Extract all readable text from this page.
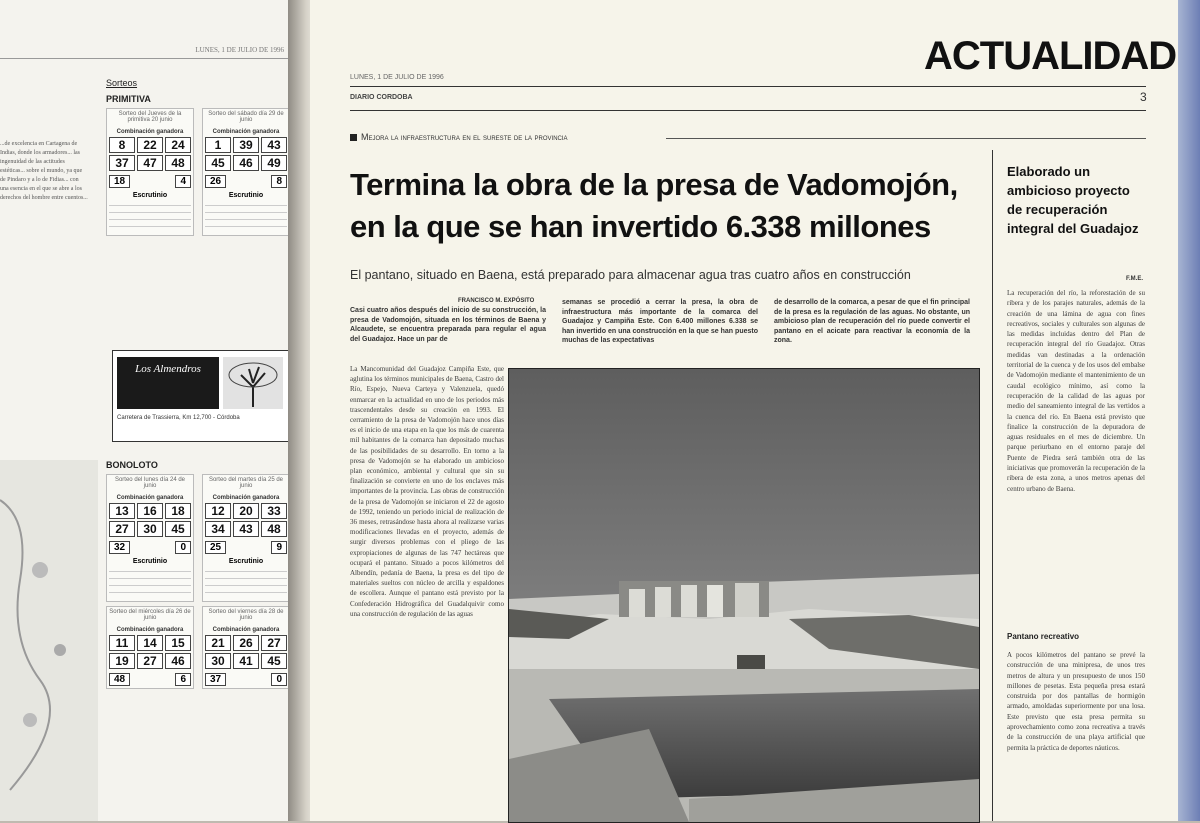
LUNES, 1 DE JULIO DE 1996
...de excelencia en Cartagena de Indias, donde los armadores... las ingenuidad de las actitudes estéticas... sobre el mundo, ya que de Pindaro y a lo de Fidias... con una esencia en el que se abre a los derechos del hombre entre cuentos...
Sorteos
PRIMITIVA
Sorteo del Jueves de la primitiva 20 junio
Combinación ganadora
8	22	24
37	47	48
18	4
Escrutinio
Sorteo del sábado día 29 de junio
Combinación ganadora
1	39	43
45	46	49
26	8
Escrutinio
Los Almendros
Carretera de Trassierra, Km 12,700 - Córdoba
BONOLOTO
Sorteo del lunes día 24 de junio
Combinación ganadora
13	16	18
27	30	45
32	0
Escrutinio
Sorteo del martes día 25 de junio
Combinación ganadora
12	20	33
34	43	48
25	9
Escrutinio
Sorteo del miércoles día 26 de junio
Combinación ganadora
11	14	15
19	27	46
48	6
Sorteo del viernes día 28 de junio
Combinación ganadora
21	26	27
30	41	45
37	0
ACTUALIDAD
LUNES, 1 DE JULIO DE 1996
DIARIO CORDOBA	3
Mejora la infraestructura en el sureste de la provincia
Termina la obra de la presa de Vadomojón,
en la que se han invertido 6.338 millones
El pantano, situado en Baena, está preparado para almacenar agua tras cuatro años en construcción
FRANCISCO M. EXPÓSITO
Casi cuatro años después del inicio de su construcción, la presa de Vadomojón, situada en los términos de Baena y Alcaudete, se encuentra preparada para regular el agua del Guadajoz. Hace un par de
semanas se procedió a cerrar la presa, la obra de infraestructura más importante de la comarca del Guadajoz y Campiña Este. Con 6.400 millones 6.338 se han invertido en una construcción en la que se han puesto muchas de las expectativas
de desarrollo de la comarca, a pesar de que el fin principal de la presa es la regulación de las aguas. No obstante, un ambicioso plan de recuperación del río puede convertir el pantano en el acicate para reactivar la economía de la zona.
La Mancomunidad del Guadajoz Campiña Este, que aglutina los términos municipales de Baena, Castro del Río, Espejo, Nueva Carteya y Valenzuela, quedó enmarcar en la actualidad en uno de los periodos más trascendentales desde su creación en 1993. El cerramiento de la presa de Vadomojón hace unos días es el inicio de una etapa en la que los más de cuarenta mil habitantes de la comarca han depositado muchas de las posibilidades de su desarrollo. En torno a la presa de Vadomojón se ha elaborado un ambicioso plan económico, ambiental y cultural que sin su finalización se convierte en uno de los enclaves más importantes de la provincia. Las obras de construcción de la presa de Vadomojón se iniciaron el 22 de agosto de 1992, teniendo un periodo inicial de realización de 36 meses, retrasándose hasta ahora al realizarse varias modificaciones llevadas en el proyecto, además de surgir diversos problemas con el pliego de las expropiaciones de algunas de las 747 hectáreas que ocupará el pantano. Situado a pocos kilómetros del Albendín, pedanía de Baena, la presa es del tipo de materiales sueltos con núcleo de arcilla y espaldones de escollera. Aunque el pantano está previsto por la Confederación Hidrográfica del Guadalquivir como una construcción de regulación de las aguas
Elaborado un ambicioso proyecto de recuperación integral del Guadajoz
F.M.E.
La recuperación del río, la reforestación de su ribera y de los parajes naturales, además de la creación de una lámina de agua con fines recreativos, sociales y culturales son algunas de las medidas incluidas dentro del Plan de recuperación integral del río Guadajoz. Otras medidas van destinadas a la ordenación territorial de la cuenca y de los usos del embalse de Vadomojón mediante el mantenimiento de un caudal ecológico mínimo, así como la recuperación de la calidad de las aguas por medio del saneamiento integral de las vertidos a la cuenca del río. En Baena está previsto que finalice la construcción de la depuradora de aguas residuales en el mes de diciembre. Un parque periurbano en el entorno paraje del Puente de Piedra será también otra de las iniciativas que promoverán la recuperación de la ribera de esta zona, a unos metros apenas del centro urbano de Baena.
Pantano recreativo
A pocos kilómetros del pantano se prevé la construcción de una minipresa, de unos tres metros de altura y un presupuesto de unos 150 millones de pesetas. Esta pequeña presa estará construida por dos pantallas de hormigón armado, amoldadas superiormente por una losa. Este previsto que esta presa permita su aprovechamiento como zona recreativa a través de la construcción de una playa artificial que permita la práctica de deportes náuticos.
